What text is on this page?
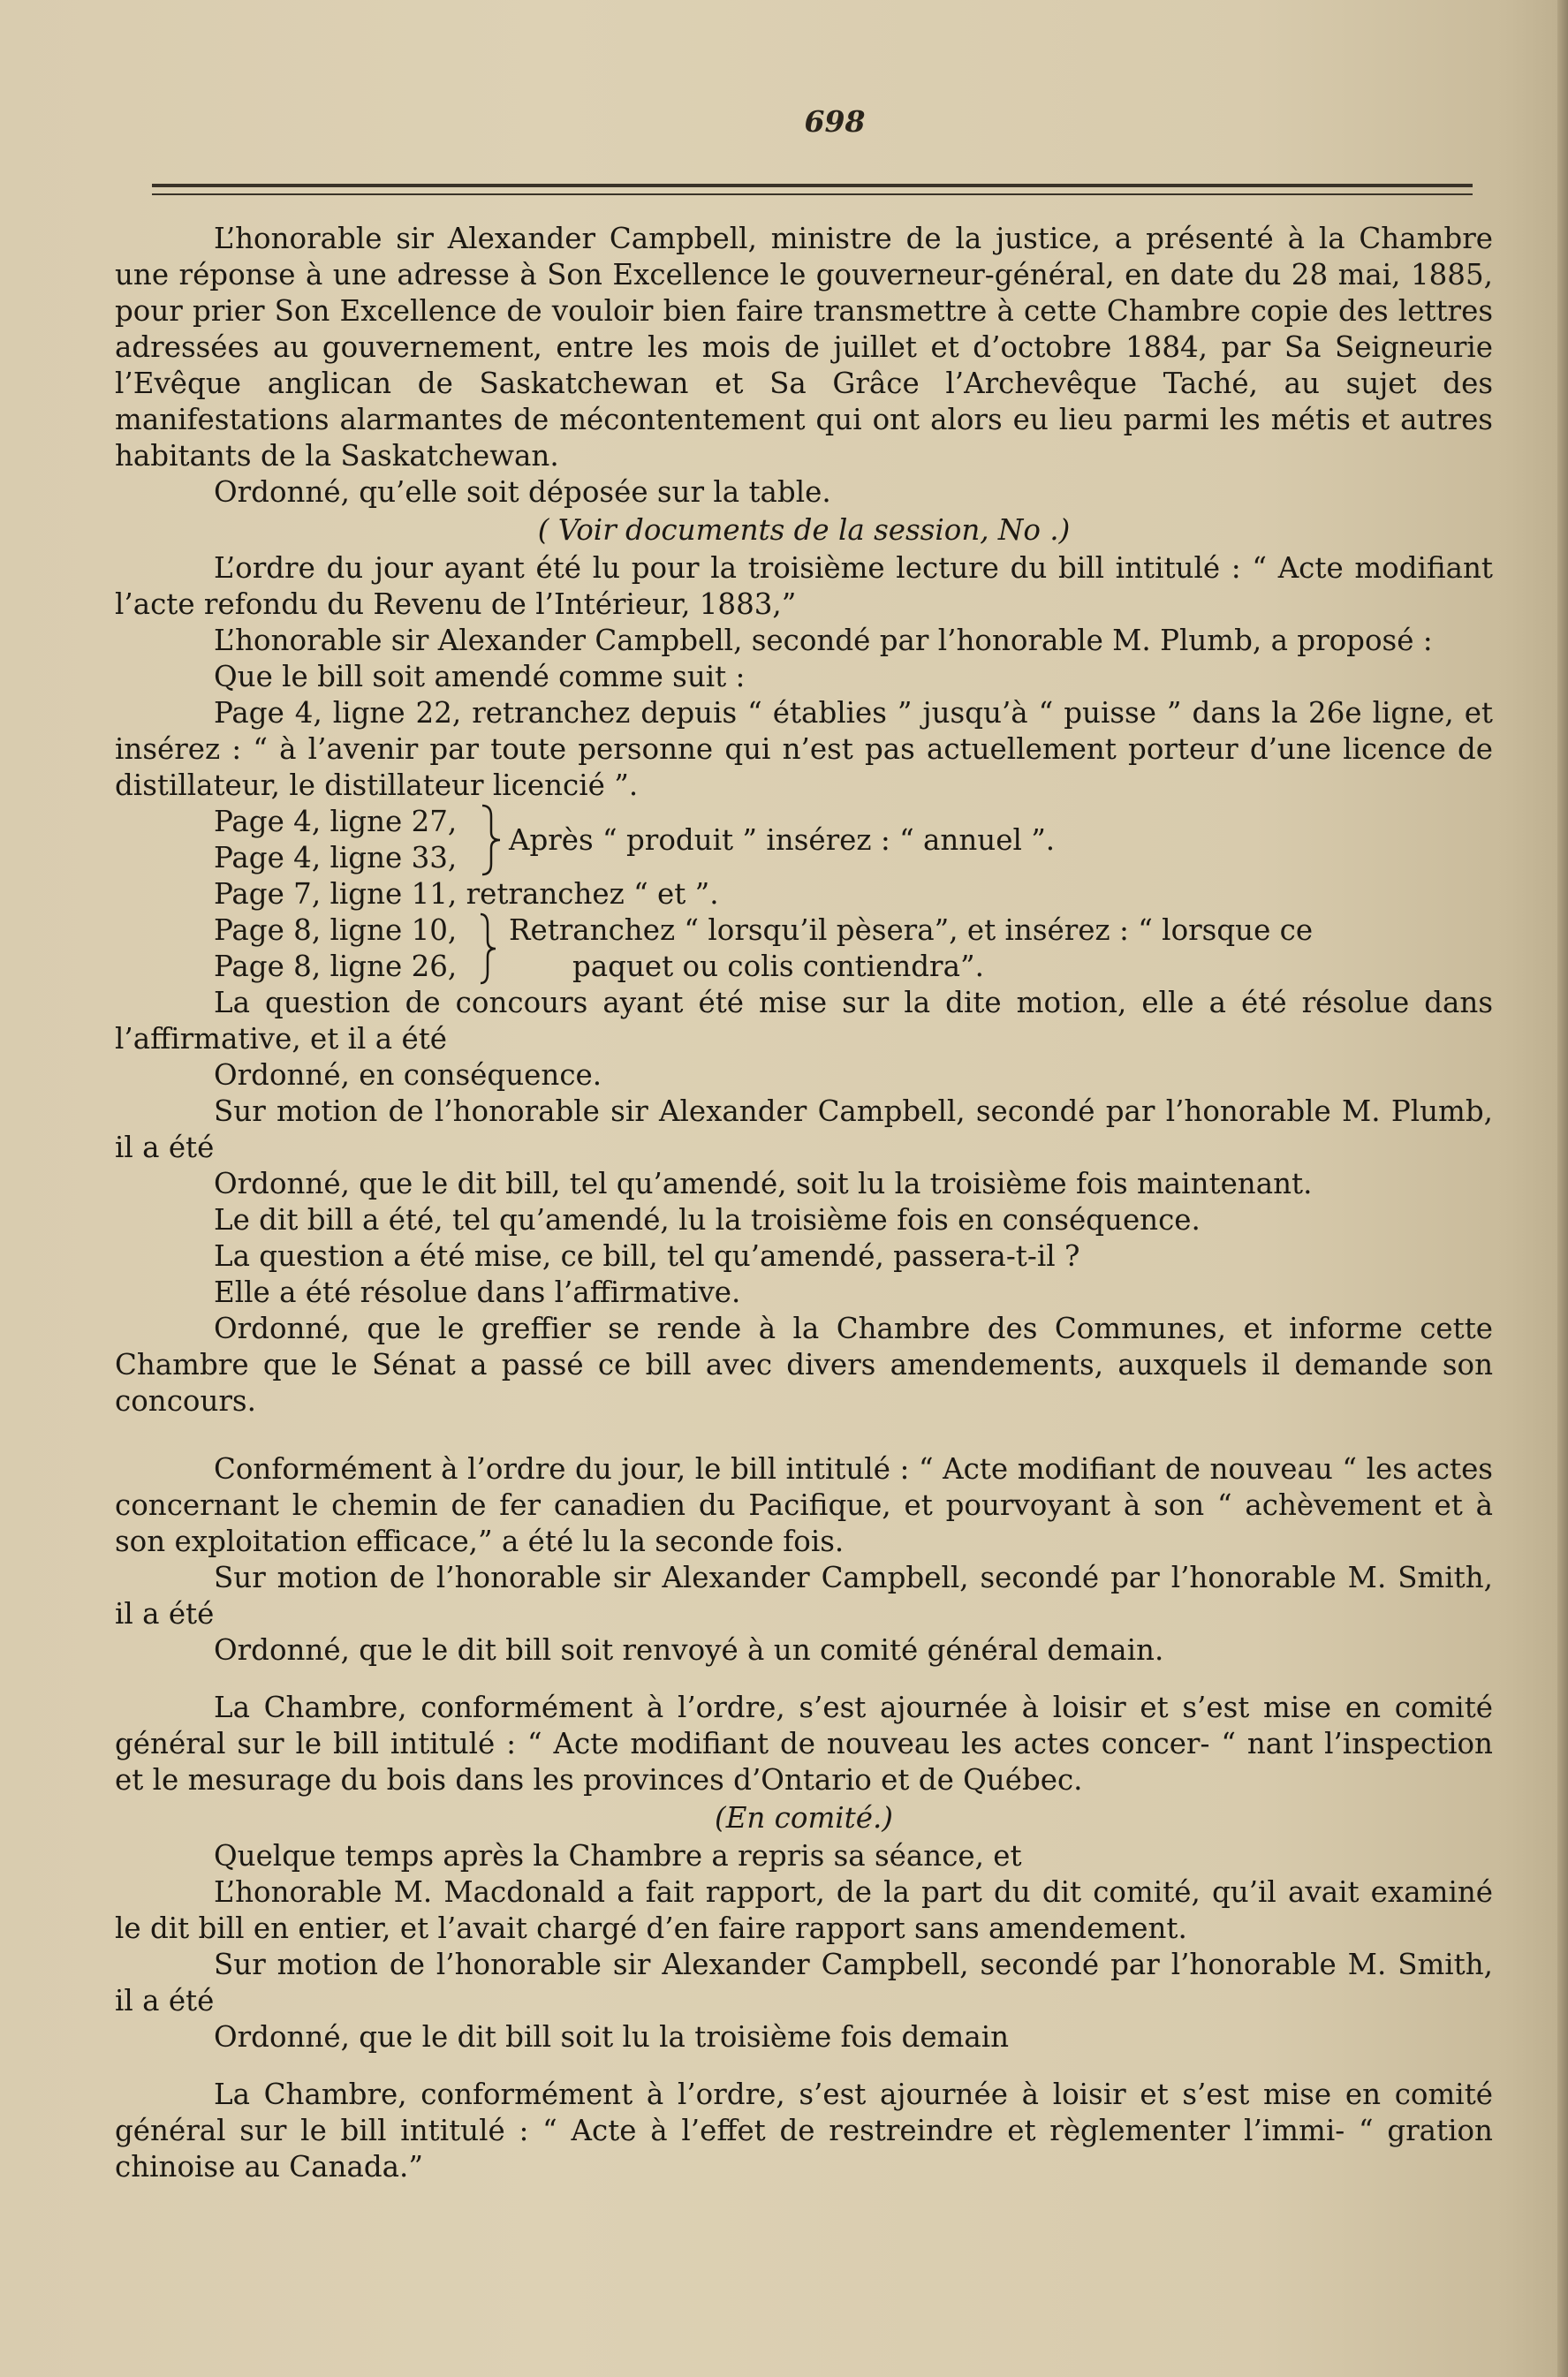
698

L’honorable sir Alexander Campbell, ministre de la justice, a présenté à la Chambre une réponse à une adresse à Son Excellence le gouverneur-général, en date du 28 mai, 1885, pour prier Son Excellence de vouloir bien faire transmettre à cette Chambre copie des lettres adressées au gouvernement, entre les mois de juillet et d’octobre 1884, par Sa Seigneurie l’Evêque anglican de Saskatchewan et Sa Grâce l’Archevêque Taché, au sujet des manifestations alarmantes de mécontentement qui ont alors eu lieu parmi les métis et autres habitants de la Saskatchewan.

Ordonné, qu’elle soit déposée sur la table.

( Voir documents de la session, No .)

L’ordre du jour ayant été lu pour la troisième lecture du bill intitulé : “ Acte modifiant l’acte refondu du Revenu de l’Intérieur, 1883,”

L’honorable sir Alexander Campbell, secondé par l’honorable M. Plumb, a proposé :

Que le bill soit amendé comme suit :

Page 4, ligne 22, retranchez depuis “ établies ” jusqu’à “ puisse ” dans la 26e ligne, et insérez : “ à l’avenir par toute personne qui n’est pas actuellement porteur d’une licence de distillateur, le distillateur licencié ”.

Page 4, ligne 27,
Page 4, ligne 33,
Après “ produit ” insérez : “ annuel ”.

Page 7, ligne 11, retranchez “ et ”.

Page 8, ligne 10,
Page 8, ligne 26,
Retranchez “ lorsqu’il pèsera”, et insérez : “ lorsque ce
paquet ou colis contiendra”.

La question de concours ayant été mise sur la dite motion, elle a été résolue dans l’affirmative, et il a été

Ordonné, en conséquence.

Sur motion de l’honorable sir Alexander Campbell, secondé par l’honorable M. Plumb, il a été

Ordonné, que le dit bill, tel qu’amendé, soit lu la troisième fois maintenant.

Le dit bill a été, tel qu’amendé, lu la troisième fois en conséquence.

La question a été mise, ce bill, tel qu’amendé, passera-t-il ?

Elle a été résolue dans l’affirmative.

Ordonné, que le greffier se rende à la Chambre des Communes, et informe cette Chambre que le Sénat a passé ce bill avec divers amendements, auxquels il demande son concours.

Conformément à l’ordre du jour, le bill intitulé : “ Acte modifiant de nouveau “ les actes concernant le chemin de fer canadien du Pacifique, et pourvoyant à son “ achèvement et à son exploitation efficace,” a été lu la seconde fois.

Sur motion de l’honorable sir Alexander Campbell, secondé par l’honorable M. Smith, il a été

Ordonné, que le dit bill soit renvoyé à un comité général demain.

La Chambre, conformément à l’ordre, s’est ajournée à loisir et s’est mise en comité général sur le bill intitulé : “ Acte modifiant de nouveau les actes concer- “ nant l’inspection et le mesurage du bois dans les provinces d’Ontario et de Québec.

(En comité.)

Quelque temps après la Chambre a repris sa séance, et

L’honorable M. Macdonald a fait rapport, de la part du dit comité, qu’il avait examiné le dit bill en entier, et l’avait chargé d’en faire rapport sans amendement.

Sur motion de l’honorable sir Alexander Campbell, secondé par l’honorable M. Smith, il a été

Ordonné, que le dit bill soit lu la troisième fois demain

La Chambre, conformément à l’ordre, s’est ajournée à loisir et s’est mise en comité général sur le bill intitulé : “ Acte à l’effet de restreindre et règlementer l’immi- “ gration chinoise au Canada.”
